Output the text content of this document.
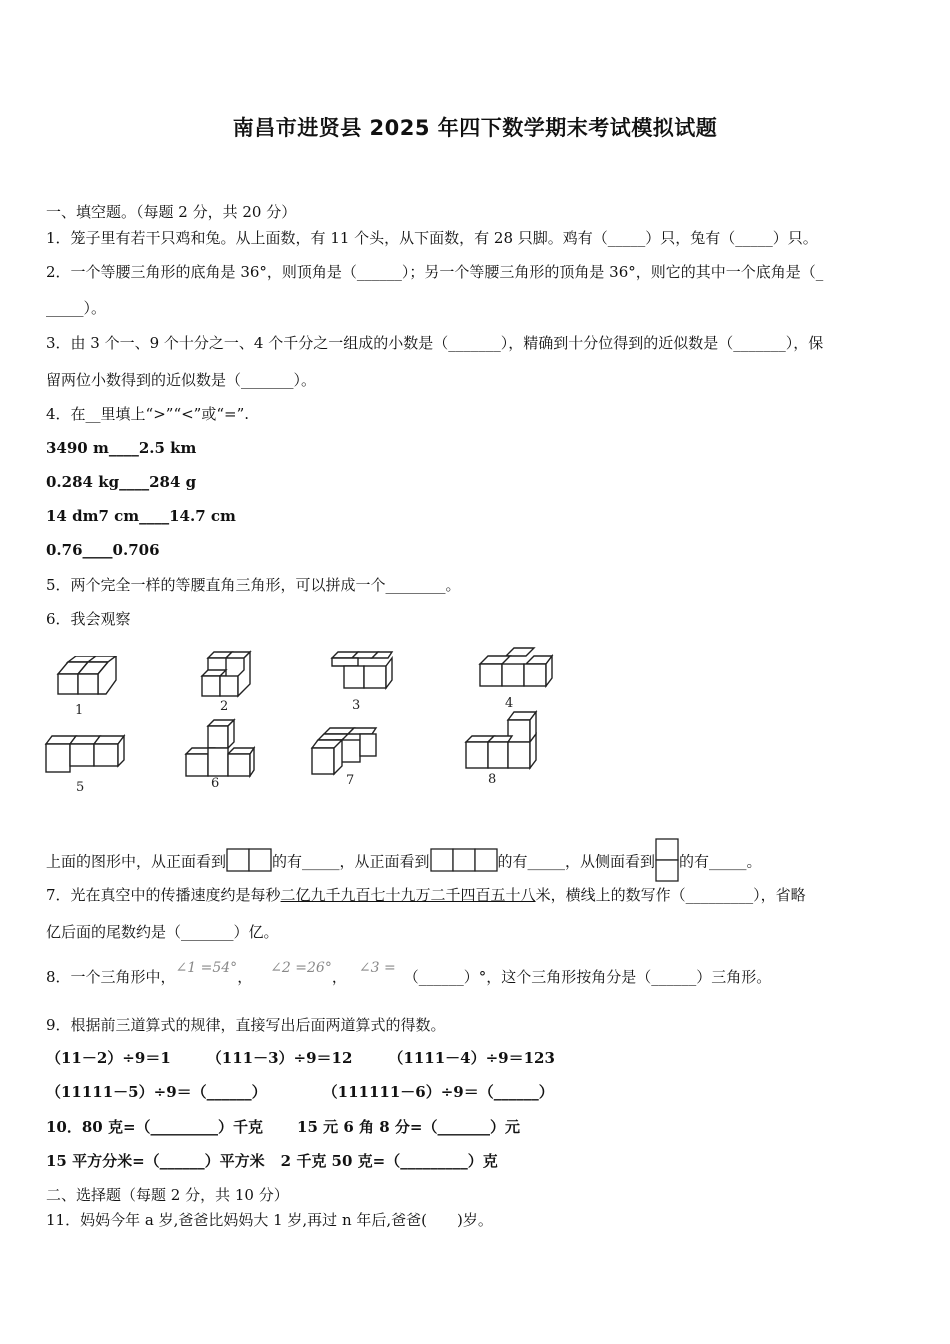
南昌市进贤县 2025 年四下数学期末考试模拟试题
一、填空题。（每题 2 分，共 20 分）
1．笼子里有若干只鸡和兔。从上面数，有 11 个头，从下面数，有 28 只脚。鸡有（_____）只，兔有（_____）只。
2．一个等腰三角形的底角是 36°，则顶角是（______）；另一个等腰三角形的顶角是 36°，则它的其中一个底角是（_
_____）。
3．由 3 个一、9 个十分之一、4 个千分之一组成的小数是（_______），精确到十分位得到的近似数是（_______），保
留两位小数得到的近似数是（_______）。
4．在__里填上“>”“<”或“=”.
3490 m____2.5 km
0.284 kg____284 g
14 dm7 cm____14.7 cm
0.76____0.706
5．两个完全一样的等腰直角三角形，可以拼成一个________。
6．我会观察
1	2	3	4
5	6	7	8
上面的图形中，从正面看到	的有_____，从正面看到	的有_____，从侧面看到 的有_____。
7．光在真空中的传播速度约是每秒二亿九千九百七十九万二千四百五十八米，横线上的数写作（_________），省略
亿后面的尾数约是（_______）亿。
8．一个三角形中，∠1 =54°， ∠2 =26°， ∠3 = （______）°，这个三角形按角分是（______）三角形。
9．根据前三道算式的规律，直接写出后面两道算式的得数。
（11－2）÷9＝1 （111－3）÷9＝12 （1111－4）÷9＝123
（11111－5）÷9＝（______）	（111111－6）÷9＝（______）
10．80 克=（_________）千克 15 元 6 角 8 分=（_______）元
15 平方分米=（______）平方米 2 千克 50 克=（_________）克
二、选择题（每题 2 分，共 10 分）
11．妈妈今年 a 岁,爸爸比妈妈大 1 岁,再过 n 年后,爸爸(　　)岁。
